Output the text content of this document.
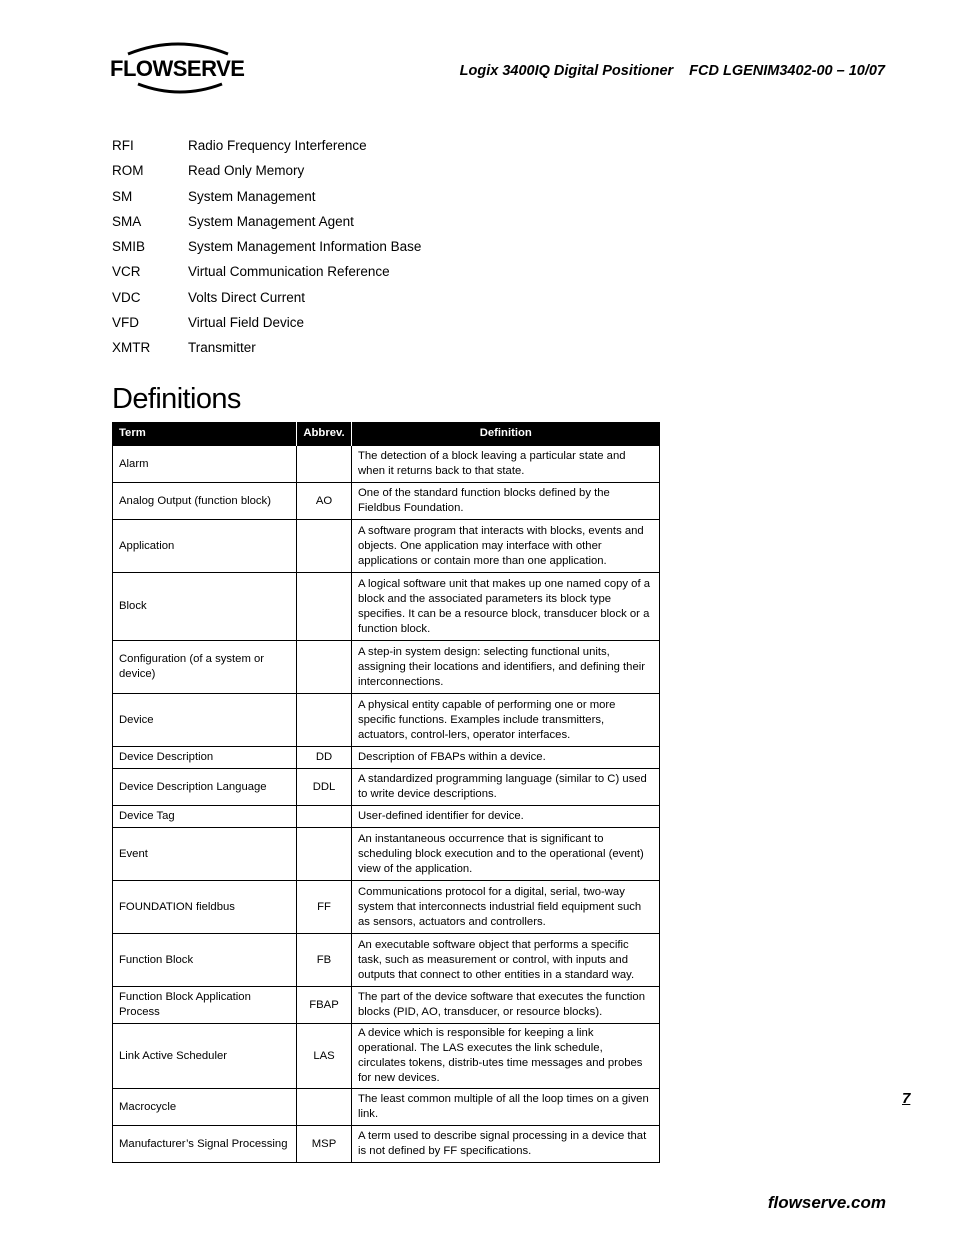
FLOWSERVE	Logix 3400IQ Digital Positioner FCD LGENIM3402-00 – 10/07
RFI	Radio Frequency Interference
ROM	Read Only Memory
SM	System Management
SMA	System Management Agent
SMIB	System Management Information Base
VCR	Virtual Communication Reference
VDC	Volts Direct Current
VFD	Virtual Field Device
XMTR	Transmitter
Definitions
Term	Abbrev.	Definition
Alarm		The detection of a block leaving a particular state and when it returns back to that state.
Analog Output (function block)	AO	One of the standard function blocks defined by the Fieldbus Foundation.
Application		A software program that interacts with blocks, events and objects. One application may interface with other applications or contain more than one application.
Block		A logical software unit that makes up one named copy of a block and the associated parameters its block type specifies. It can be a resource block, transducer block or a function block.
Configuration (of a system or device)		A step-in system design: selecting functional units, assigning their locations and identifiers, and defining their interconnections.
Device		A physical entity capable of performing one or more specific functions. Examples include transmitters, actuators, control-lers, operator interfaces.
Device Description	DD	Description of FBAPs within a device.
Device Description Language	DDL	A standardized programming language (similar to C) used to write device descriptions.
Device Tag		User-defined identifier for device.
Event		An instantaneous occurrence that is significant to scheduling block execution and to the operational (event) view of the application.
FOUNDATION fieldbus	FF	Communications protocol for a digital, serial, two-way system that interconnects industrial field equipment such as sensors, actuators and controllers.
Function Block	FB	An executable software object that performs a specific task, such as measurement or control, with inputs and outputs that connect to other entities in a standard way.
Function Block Application Process	FBAP	The part of the device software that executes the function blocks (PID, AO, transducer, or resource blocks).
Link Active Scheduler	LAS	A device which is responsible for keeping a link operational. The LAS executes the link schedule, circulates tokens, distrib-utes time messages and probes for new devices.
Macrocycle		The least common multiple of all the loop times on a given link.
Manufacturer’s Signal Processing	MSP	A term used to describe signal processing in a device that is not defined by FF specifications.
7
flowserve.com
